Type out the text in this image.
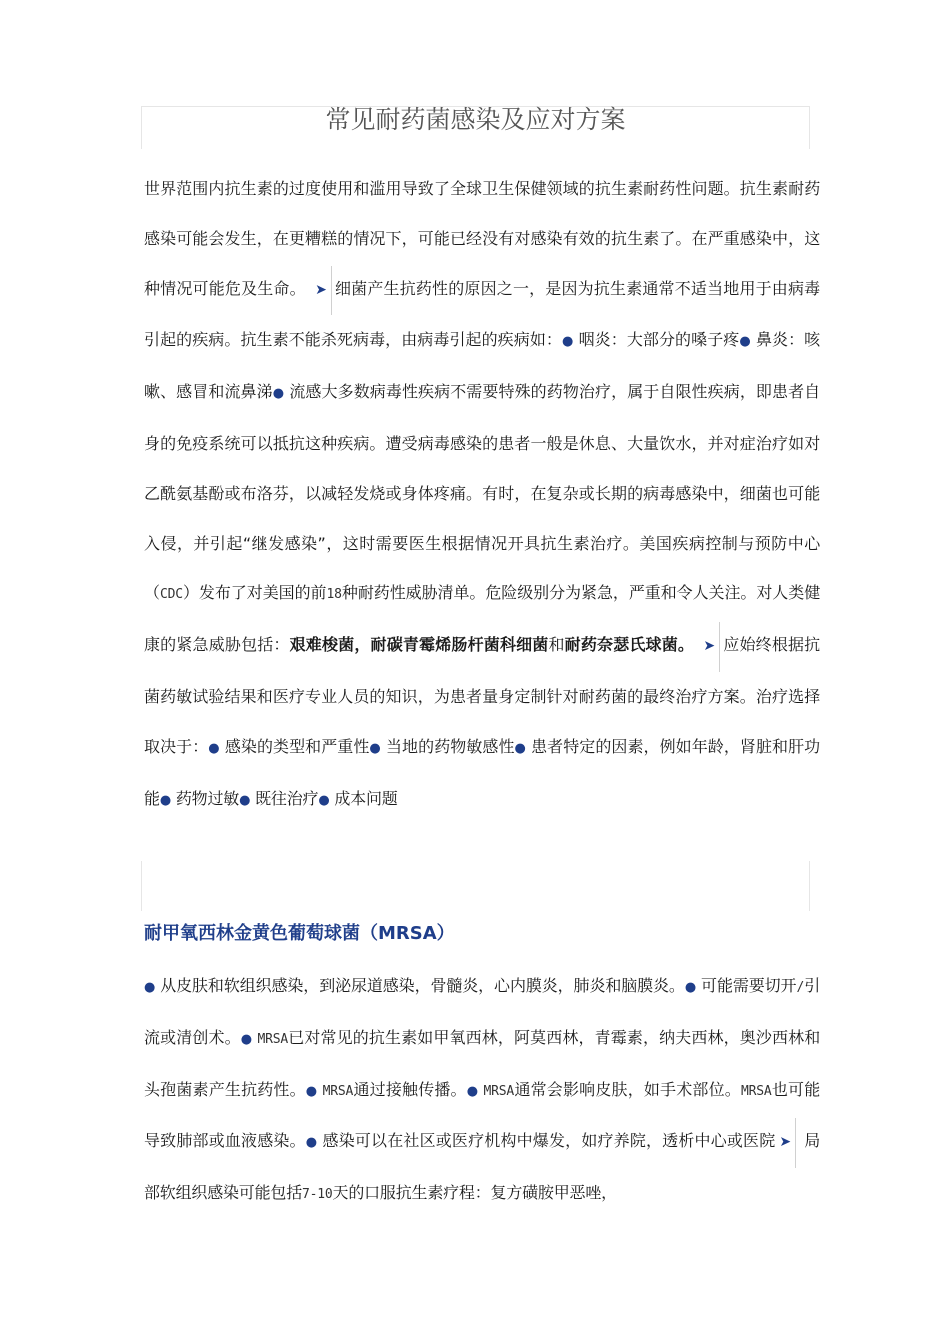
常见耐药菌感染及应对方案
世界范围内抗生素的过度使用和滥用导致了全球卫生保健领域的抗生素耐药性问题。抗生素耐药感染可能会发生，在更糟糕的情况下，可能已经没有对感染有效的抗生素了。在严重感染中，这种情况可能危及生命。 ➤ 细菌产生抗药性的原因之一，是因为抗生素通常不适当地用于由病毒引起的疾病。抗生素不能杀死病毒，由病毒引起的疾病如：● 咽炎：大部分的嗓子疼● 鼻炎：咳嗽、感冒和流鼻涕● 流感大多数病毒性疾病不需要特殊的药物治疗，属于自限性疾病，即患者自身的免疫系统可以抵抗这种疾病。遭受病毒感染的患者一般是休息、大量饮水，并对症治疗如对乙酰氨基酚或布洛芬，以减轻发烧或身体疼痛。有时，在复杂或长期的病毒感染中，细菌也可能入侵，并引起“继发感染”，这时需要医生根据情况开具抗生素治疗。美国疾病控制与预防中心（CDC）发布了对美国的前18种耐药性威胁清单。危险级别分为紧急，严重和令人关注。对人类健康的紧急威胁包括：艰难梭菌，耐碳青霉烯肠杆菌科细菌和耐药奈瑟氏球菌。 ➤ 应始终根据抗菌药敏试验结果和医疗专业人员的知识，为患者量身定制针对耐药菌的最终治疗方案。治疗选择取决于：● 感染的类型和严重性● 当地的药物敏感性● 患者特定的因素，例如年龄，肾脏和肝功能● 药物过敏● 既往治疗● 成本问题
耐甲氧西林金黄色葡萄球菌（MRSA）
● 从皮肤和软组织感染，到泌尿道感染，骨髓炎，心内膜炎，肺炎和脑膜炎。● 可能需要切开/引流或清创术。● MRSA已对常见的抗生素如甲氧西林，阿莫西林，青霉素，纳夫西林，奥沙西林和头孢菌素产生抗药性。● MRSA通过接触传播。● MRSA通常会影响皮肤，如手术部位。MRSA也可能导致肺部或血液感染。● 感染可以在社区或医疗机构中爆发，如疗养院，透析中心或医院 ➤ 局部软组织感染可能包括7-10天的口服抗生素疗程：复方磺胺甲恶唑，
